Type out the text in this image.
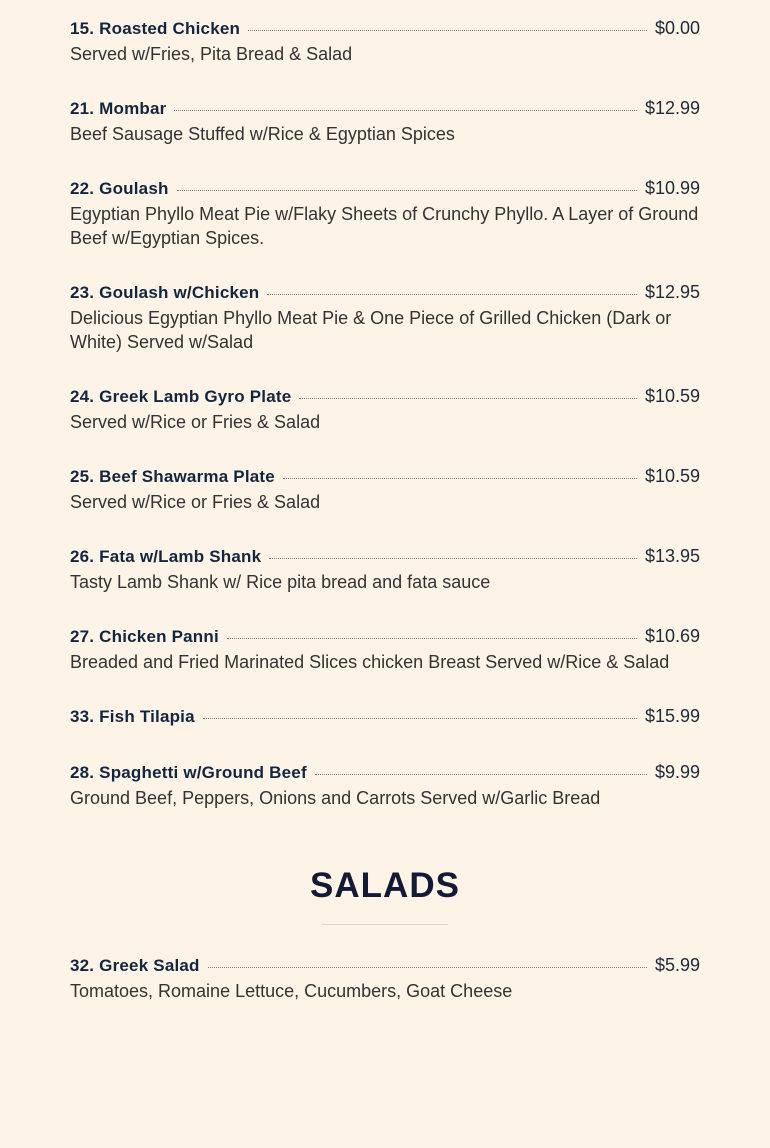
15. Roasted Chicken	$0.00
Served w/Fries, Pita Bread & Salad
21. Mombar	$12.99
Beef Sausage Stuffed w/Rice & Egyptian Spices
22. Goulash	$10.99
Egyptian Phyllo Meat Pie w/Flaky Sheets of Crunchy Phyllo. A Layer of Ground Beef w/Egyptian Spices.
23. Goulash w/Chicken	$12.95
Delicious Egyptian Phyllo Meat Pie & One Piece of Grilled Chicken (Dark or White) Served w/Salad
24. Greek Lamb Gyro Plate	$10.59
Served w/Rice or Fries & Salad
25. Beef Shawarma Plate	$10.59
Served w/Rice or Fries & Salad
26. Fata w/Lamb Shank	$13.95
Tasty Lamb Shank w/ Rice pita bread and fata sauce
27. Chicken Panni	$10.69
Breaded and Fried Marinated Slices chicken Breast Served w/Rice & Salad
33. Fish Tilapia	$15.99
28. Spaghetti w/Ground Beef	$9.99
Ground Beef, Peppers, Onions and Carrots Served w/Garlic Bread
SALADS
32. Greek Salad	$5.99
Tomatoes, Romaine Lettuce, Cucumbers, Goat Cheese
